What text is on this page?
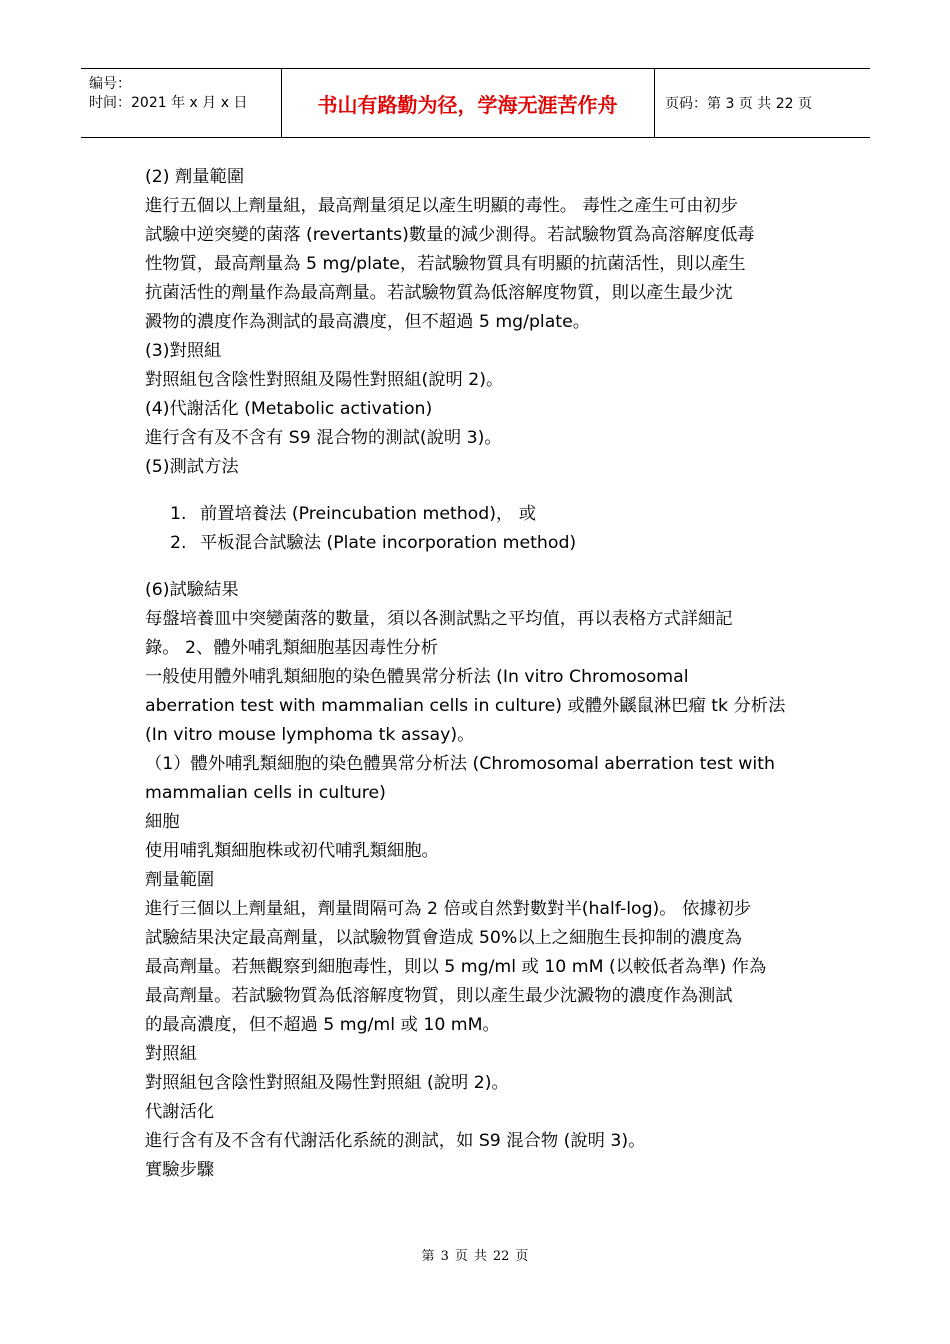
编号：
时间：2021 年 x 月 x 日	书山有路勤为径，学海无涯苦作舟	页码：第 3 页 共 22 页
(2) 劑量範圍
進行五個以上劑量組，最高劑量須足以產生明顯的毒性。 毒性之產生可由初步
試驗中逆突變的菌落 (revertants)數量的減少測得。若試驗物質為高溶解度低毒
性物質，最高劑量為 5 mg/plate，若試驗物質具有明顯的抗菌活性，則以產生
抗菌活性的劑量作為最高劑量。若試驗物質為低溶解度物質，則以產生最少沈
澱物的濃度作為測試的最高濃度，但不超過 5 mg/plate。
(3)對照組
對照組包含陰性對照組及陽性對照組(說明 2)。
(4)代謝活化 (Metabolic activation)
進行含有及不含有 S9 混合物的測試(說明 3)。
(5)測試方法
1. 前置培養法 (Preincubation method)， 或
2. 平板混合試驗法 (Plate incorporation method)
(6)試驗結果
每盤培養皿中突變菌落的數量，須以各測試點之平均值，再以表格方式詳細記
錄。 2、體外哺乳類細胞基因毒性分析
一般使用體外哺乳類細胞的染色體異常分析法 (In vitro Chromosomal
aberration test with mammalian cells in culture) 或體外鼷鼠淋巴瘤 tk 分析法
(In vitro mouse lymphoma tk assay)。
（1）體外哺乳類細胞的染色體異常分析法 (Chromosomal aberration test with
mammalian cells in culture)
細胞
使用哺乳類細胞株或初代哺乳類細胞。
劑量範圍
進行三個以上劑量組，劑量間隔可為 2 倍或自然對數對半(half-log)。 依據初步
試驗結果決定最高劑量，以試驗物質會造成 50%以上之細胞生長抑制的濃度為
最高劑量。若無觀察到細胞毒性，則以 5 mg/ml 或 10 mM (以較低者為準) 作為
最高劑量。若試驗物質為低溶解度物質，則以產生最少沈澱物的濃度作為測試
的最高濃度，但不超過 5 mg/ml 或 10 mM。
對照組
對照組包含陰性對照組及陽性對照組 (說明 2)。
代謝活化
進行含有及不含有代謝活化系統的測試，如 S9 混合物 (說明 3)。
實驗步驟
第 3 页 共 22 页
